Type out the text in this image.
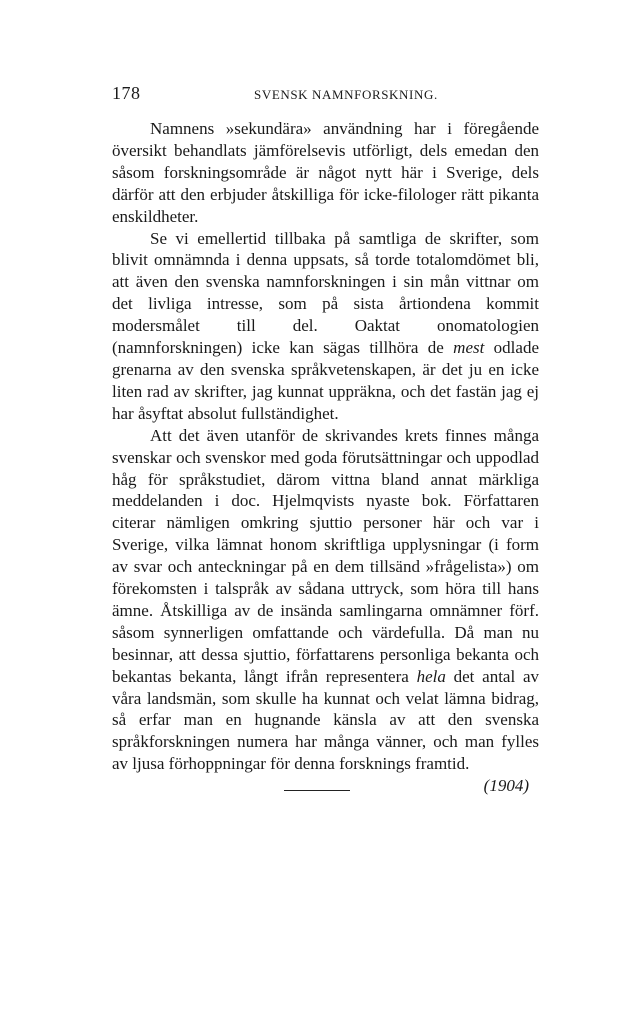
178	SVENSK NAMNFORSKNING.

Namnens »sekundära» användning har i föregående översikt behandlats jämförelsevis utförligt, dels emedan den såsom forskningsområde är något nytt här i Sverige, dels därför att den erbjuder åtskilliga för icke-filologer rätt pikanta enskildheter.

Se vi emellertid tillbaka på samtliga de skrifter, som blivit omnämnda i denna uppsats, så torde totalomdömet bli, att även den svenska namnforskningen i sin mån vittnar om det livliga intresse, som på sista årtiondena kommit modersmålet till del. Oaktat onomatologien (namnforskningen) icke kan sägas tillhöra de mest odlade grenarna av den svenska språkvetenskapen, är det ju en icke liten rad av skrifter, jag kunnat uppräkna, och det fastän jag ej har åsyftat absolut fullständighet.

Att det även utanför de skrivandes krets finnes många svenskar och svenskor med goda förutsättningar och uppodlad håg för språkstudiet, därom vittna bland annat märkliga meddelanden i doc. Hjelmqvists nyaste bok. Författaren citerar nämligen omkring sjuttio personer här och var i Sverige, vilka lämnat honom skriftliga upplysningar (i form av svar och anteckningar på en dem tillsänd »frågelista») om förekomsten i talspråk av sådana uttryck, som höra till hans ämne. Åtskilliga av de insända samlingarna omnämner förf. såsom synnerligen omfattande och värdefulla. Då man nu besinnar, att dessa sjuttio, författarens personliga bekanta och bekantas bekanta, långt ifrån representera hela det antal av våra landsmän, som skulle ha kunnat och velat lämna bidrag, så erfar man en hugnande känsla av att den svenska språkforskningen numera har många vänner, och man fylles av ljusa förhoppningar för denna forsknings framtid.

(1904)
